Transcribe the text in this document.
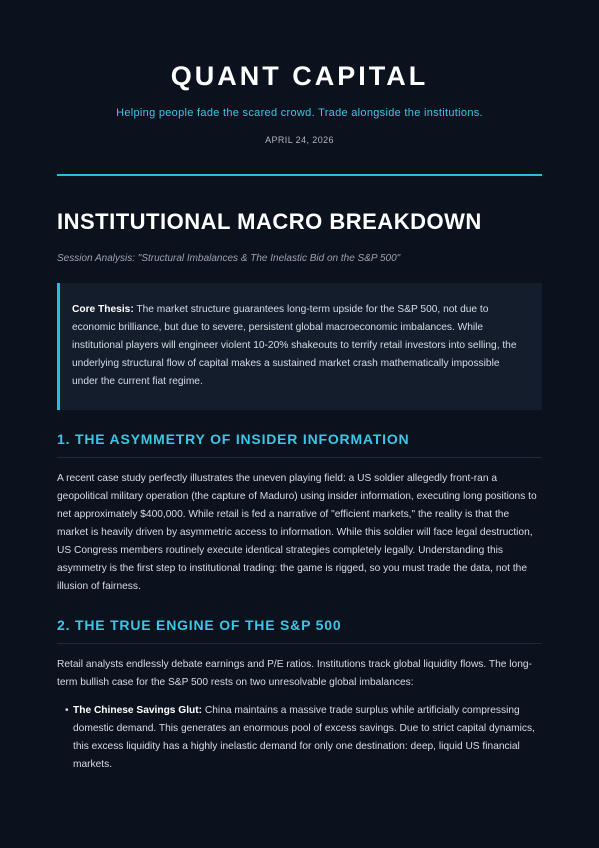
QUANT CAPITAL

Helping people fade the scared crowd. Trade alongside the institutions.

APRIL 24, 2026

INSTITUTIONAL MACRO BREAKDOWN

Session Analysis: "Structural Imbalances & The Inelastic Bid on the S&P 500"

Core Thesis: The market structure guarantees long-term upside for the S&P 500, not due to economic brilliance, but due to severe, persistent global macroeconomic imbalances. While institutional players will engineer violent 10-20% shakeouts to terrify retail investors into selling, the underlying structural flow of capital makes a sustained market crash mathematically impossible under the current fiat regime.
1. THE ASYMMETRY OF INSIDER INFORMATION

A recent case study perfectly illustrates the uneven playing field: a US soldier allegedly front-ran a geopolitical military operation (the capture of Maduro) using insider information, executing long positions to net approximately $400,000. While retail is fed a narrative of "efficient markets," the reality is that the market is heavily driven by asymmetric access to information. While this soldier will face legal destruction, US Congress members routinely execute identical strategies completely legally. Understanding this asymmetry is the first step to institutional trading: the game is rigged, so you must trade the data, not the illusion of fairness.

2. THE TRUE ENGINE OF THE S&P 500

Retail analysts endlessly debate earnings and P/E ratios. Institutions track global liquidity flows. The long-term bullish case for the S&P 500 rests on two unresolvable global imbalances:

• The Chinese Savings Glut: China maintains a massive trade surplus while artificially compressing domestic demand. This generates an enormous pool of excess savings. Due to strict capital dynamics, this excess liquidity has a highly inelastic demand for only one destination: deep, liquid US financial markets.
